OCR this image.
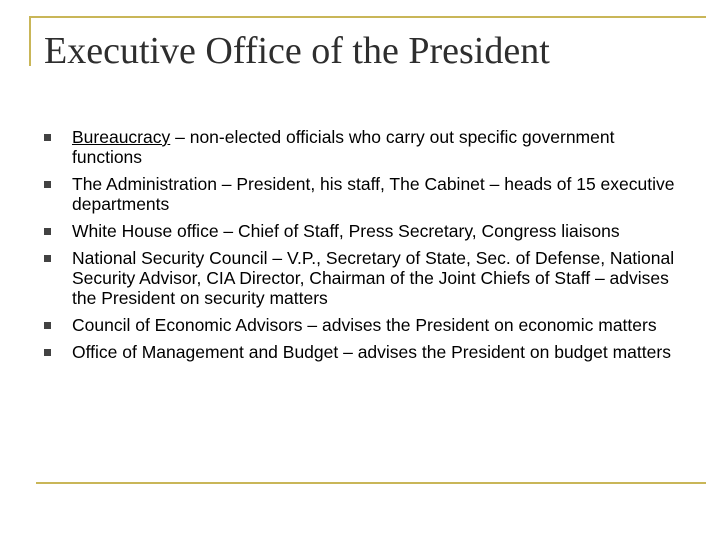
Executive Office of the President
Bureaucracy – non-elected officials who carry out specific government functions
The Administration – President, his staff, The Cabinet – heads of 15 executive departments
White House office – Chief of Staff, Press Secretary, Congress liaisons
National Security Council – V.P., Secretary of State, Sec. of Defense, National Security Advisor, CIA Director, Chairman of the Joint Chiefs of Staff – advises the President on security matters
Council of Economic Advisors – advises the President on economic matters
Office of Management and Budget – advises the President on budget matters
